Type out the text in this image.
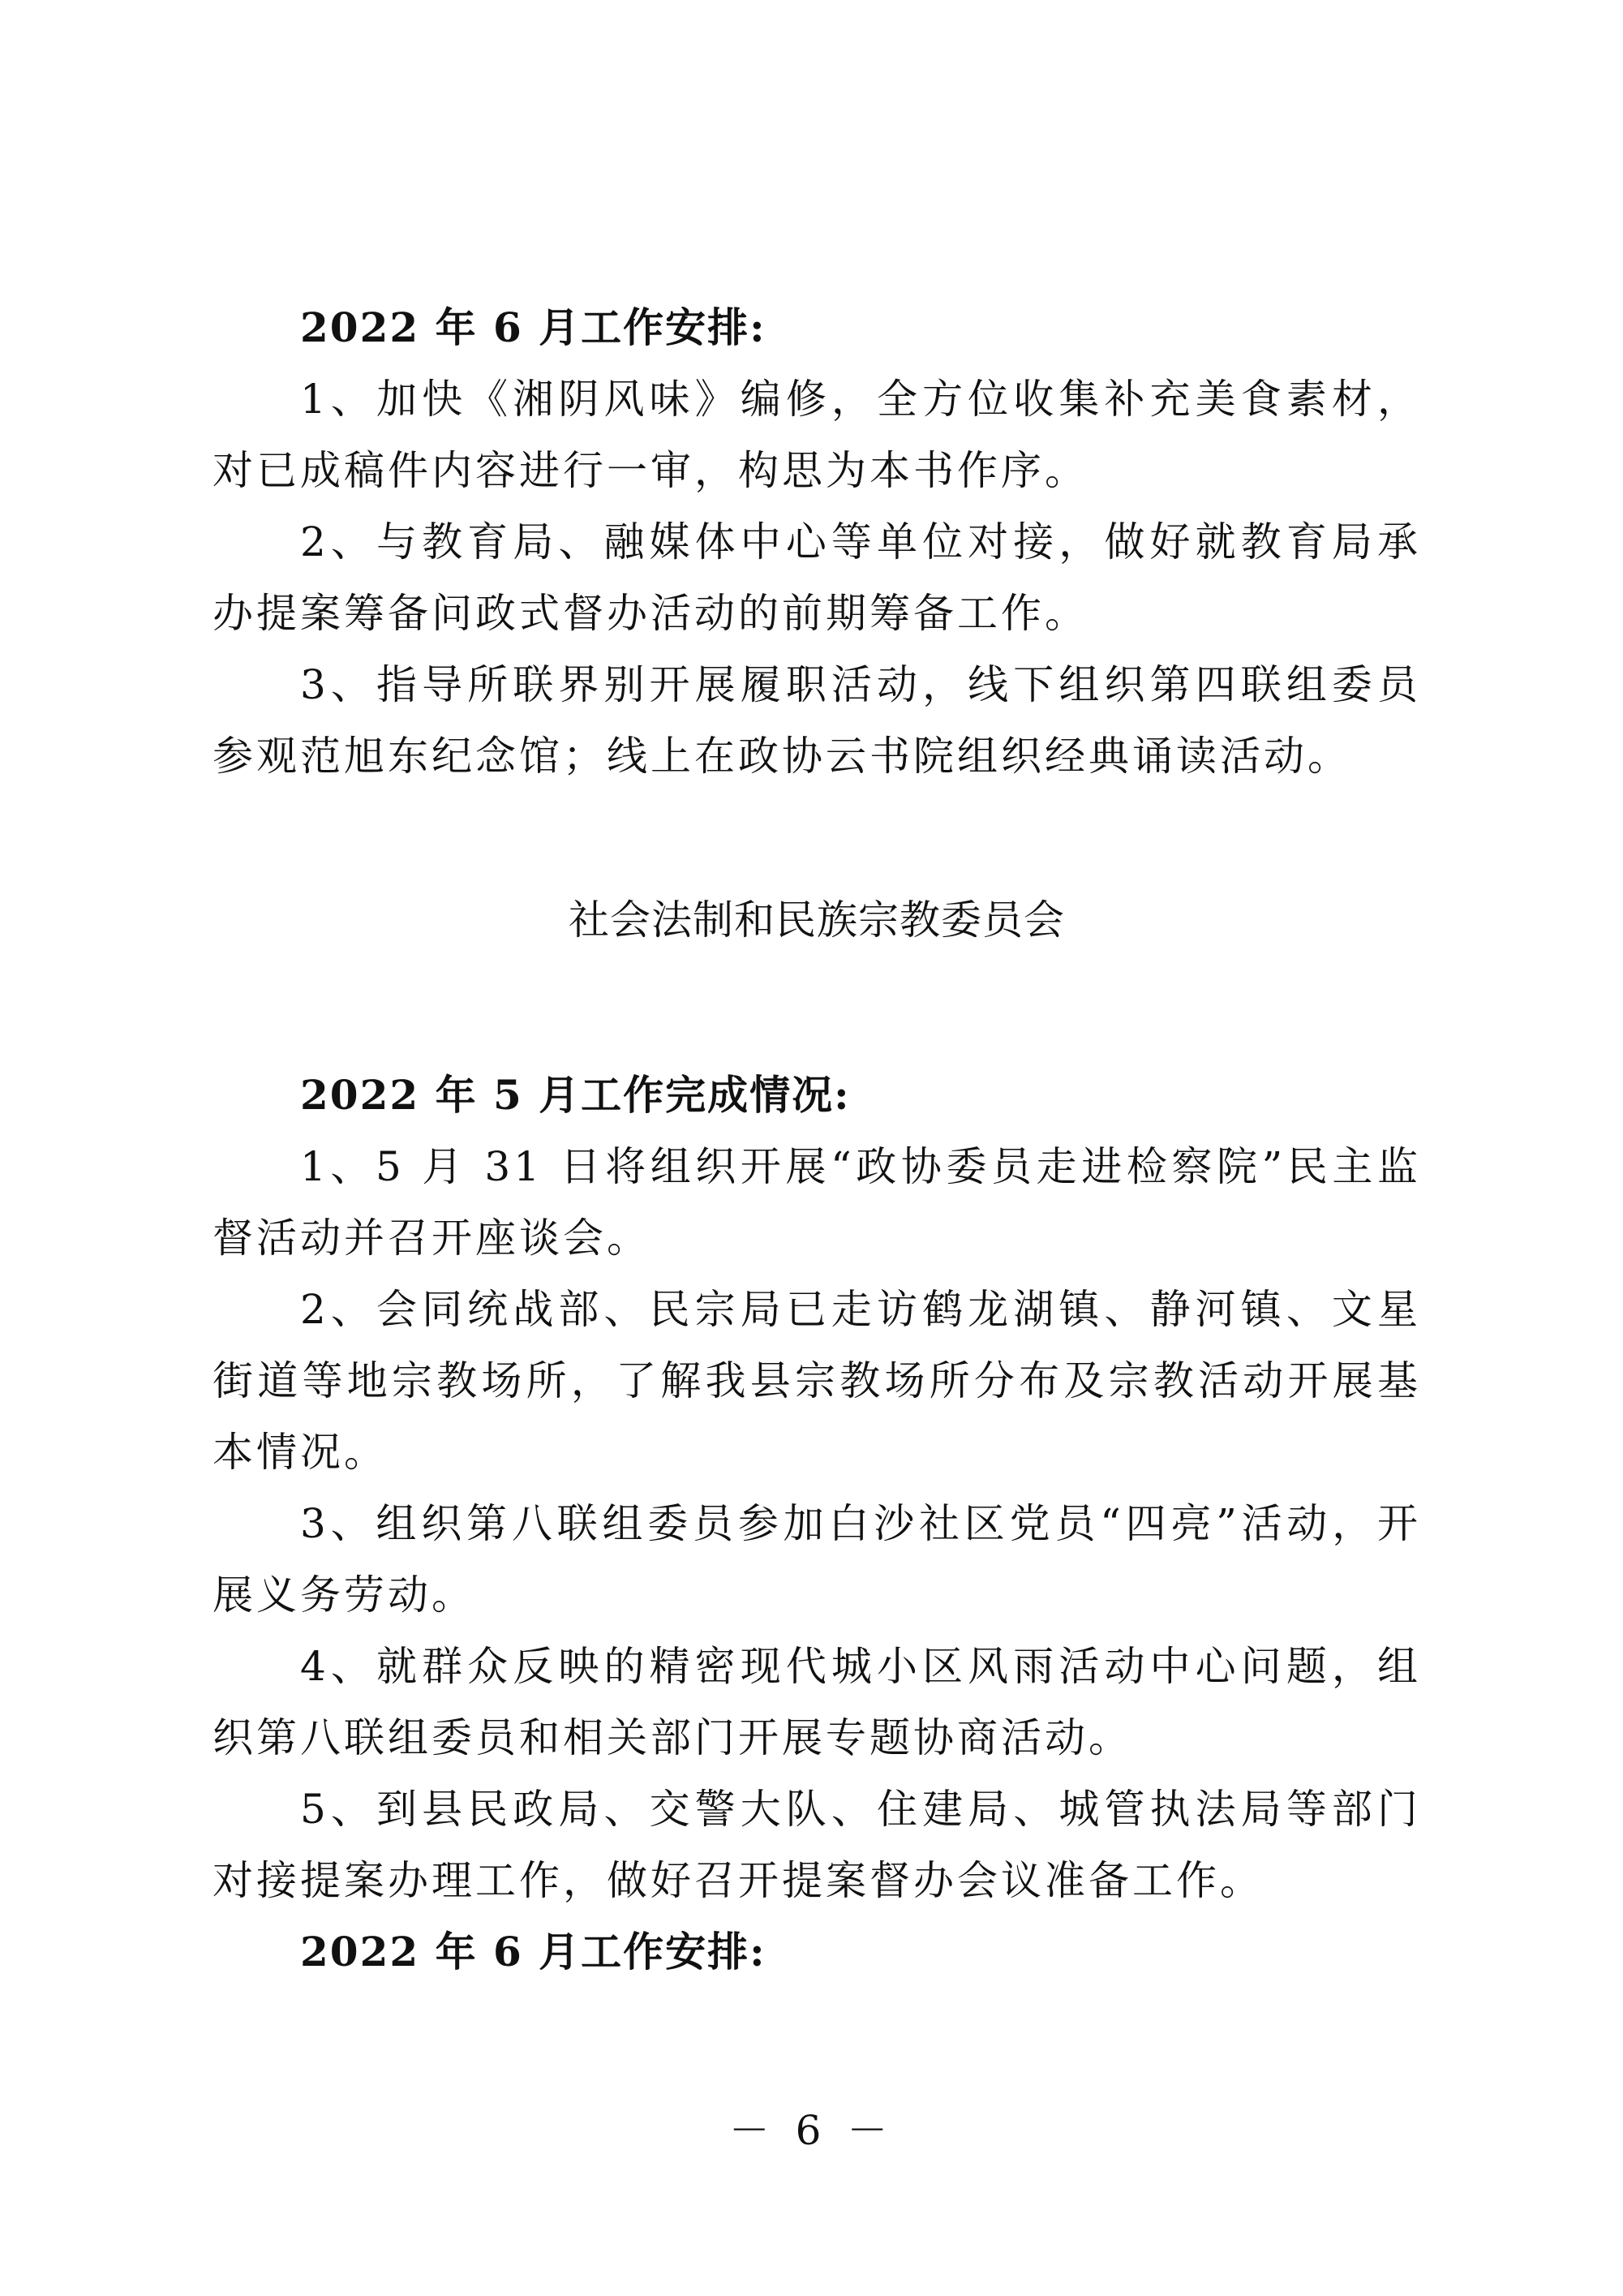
2022 年 6 月工作安排:

1、加快《湘阴风味》编修，全方位收集补充美食素材，对已成稿件内容进行一审，构思为本书作序。

2、与教育局、融媒体中心等单位对接，做好就教育局承办提案筹备问政式督办活动的前期筹备工作。

3、指导所联界别开展履职活动，线下组织第四联组委员参观范旭东纪念馆；线上在政协云书院组织经典诵读活动。

社会法制和民族宗教委员会

2022 年 5 月工作完成情况:

1、5 月 31 日将组织开展“政协委员走进检察院”民主监督活动并召开座谈会。

2、会同统战部、民宗局已走访鹤龙湖镇、静河镇、文星街道等地宗教场所，了解我县宗教场所分布及宗教活动开展基本情况。

3、组织第八联组委员参加白沙社区党员“四亮”活动，开展义务劳动。

4、就群众反映的精密现代城小区风雨活动中心问题，组织第八联组委员和相关部门开展专题协商活动。

5、到县民政局、交警大队、住建局、城管执法局等部门对接提案办理工作，做好召开提案督办会议准备工作。

2022 年 6 月工作安排:

－ 6 －
